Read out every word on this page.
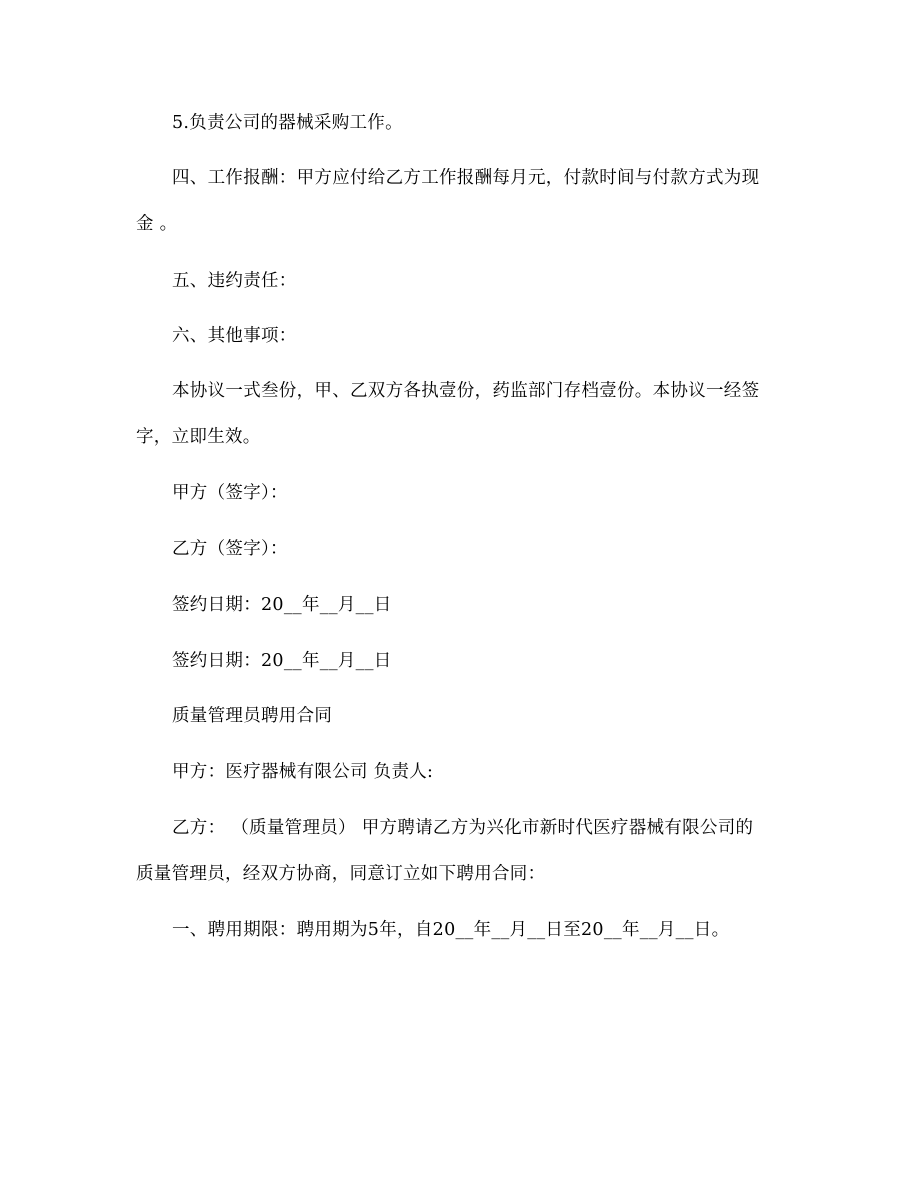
5.负责公司的器械采购工作。
四、工作报酬：甲方应付给乙方工作报酬每月元，付款时间与付款方式为现
金 。
五、违约责任：
六、其他事项：
本协议一式叁份，甲、乙双方各执壹份，药监部门存档壹份。本协议一经签
字，立即生效。
甲方（签字）：
乙方（签字）：
签约日期：20__年__月__日
签约日期：20__年__月__日
质量管理员聘用合同
甲方：医疗器械有限公司 负责人:
乙方： （质量管理员） 甲方聘请乙方为兴化市新时代医疗器械有限公司的
质量管理员，经双方协商，同意订立如下聘用合同：
一、聘用期限：聘用期为5年，自20__年__月__日至20__年__月__日。
